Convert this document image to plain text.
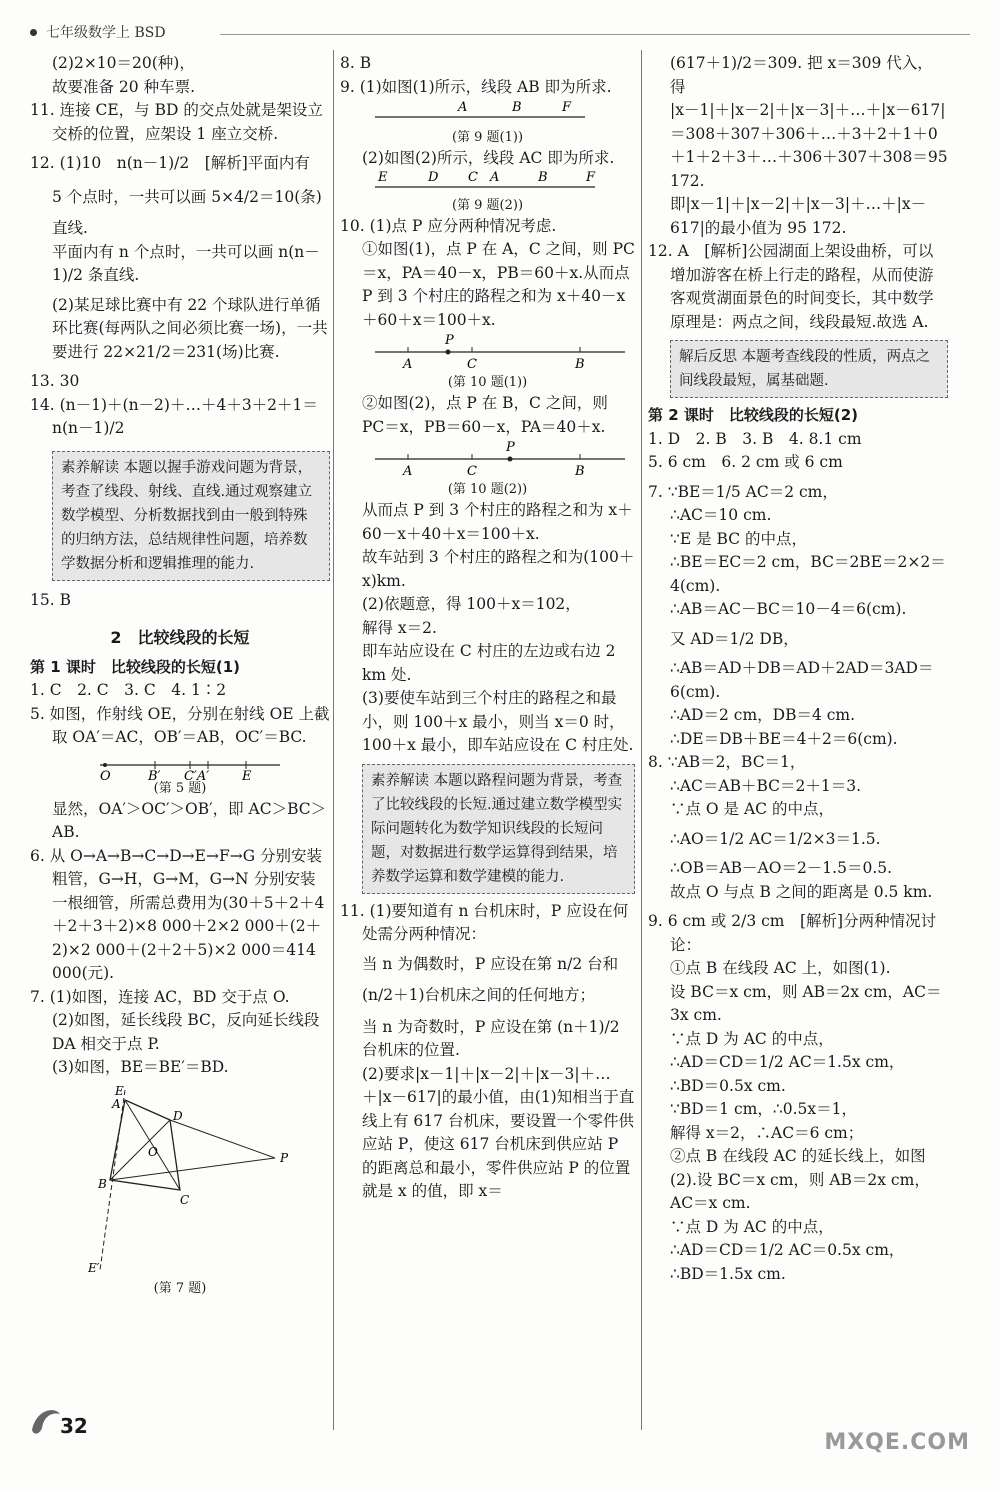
七年级数学上 BSD

(2)2×10＝20(种)，

故要准备 20 种车票.

11. 连接 CE，与 BD 的交点处就是架设立交桥的位置，应架设 1 座立交桥.

12. (1)10　n(n－1)/2　[解析]平面内有

5 个点时，一共可以画 5×4/2＝10(条)

直线.

平面内有 n 个点时，一共可以画 n(n－1)/2 条直线.

(2)某足球比赛中有 22 个球队进行单循环比赛(每两队之间必须比赛一场)，一共要进行 22×21/2＝231(场)比赛.

13. 30

14. (n－1)＋(n－2)＋…＋4＋3＋2＋1＝n(n－1)/2

素养解读 本题以握手游戏问题为背景，考查了线段、射线、直线.通过观察建立数学模型、分析数据找到由一般到特殊的归纳方法，总结规律性问题，培养数学数据分析和逻辑推理的能力.

15. B

2　比较线段的长短
第 1 课时　比较线段的长短(1)

1. C　2. C　3. C　4. 1∶2

5. 如图，作射线 OE，分别在射线 OE 上截取 OA′＝AC，OB′＝AB，OC′＝BC.

O	B′ C′A′	E
(第 5 题)

显然，OA′＞OC′＞OB′，即 AC＞BC＞AB.

6. 从 O→A→B→C→D→E→F→G 分别安装粗管，G→H，G→M，G→N 分别安装一根细管，所需总费用为(30＋5＋2＋4＋2＋3＋2)×8 000＋2×2 000＋(2＋2)×2 000＋(2＋2＋5)×2 000＝414 000(元).

7. (1)如图，连接 AC，BD 交于点 O.

(2)如图，延长线段 BC，反向延长线段 DA 相交于点 P.

(3)如图，BE＝BE′＝BD.

E
A
D
O
B
C
P
E′
(第 7 题)

8. B

9. (1)如图(1)所示，线段 AB 即为所求.

A	B	F
(第 9 题(1))

(2)如图(2)所示，线段 AC 即为所求.

E	D C A	B	F
(第 9 题(2))

10. (1)点 P 应分两种情况考虑.

①如图(1)，点 P 在 A，C 之间，则 PC＝x，PA＝40－x，PB＝60＋x.从而点 P 到 3 个村庄的路程之和为 x＋40－x＋60＋x＝100＋x.

P
A	C	B
(第 10 题(1))

②如图(2)，点 P 在 B，C 之间，则 PC＝x，PB＝60－x，PA＝40＋x.

P
A	C	B
(第 10 题(2))

从而点 P 到 3 个村庄的路程之和为 x＋60－x＋40＋x＝100＋x.

故车站到 3 个村庄的路程之和为(100＋x)km.

(2)依题意，得 100＋x＝102，

解得 x＝2.

即车站应设在 C 村庄的左边或右边 2 km 处.

(3)要使车站到三个村庄的路程之和最小，则 100＋x 最小，则当 x＝0 时，100＋x 最小，即车站应设在 C 村庄处.

素养解读 本题以路程问题为背景，考查了比较线段的长短.通过建立数学模型实际问题转化为数学知识线段的长短问题，对数据进行数学运算得到结果，培养数学运算和数学建模的能力.

11. (1)要知道有 n 台机床时，P 应设在何处需分两种情况：

当 n 为偶数时，P 应设在第 n/2 台和

(n/2＋1)台机床之间的任何地方；

当 n 为奇数时，P 应设在第 (n＋1)/2 台机床的位置.

(2)要求|x－1|＋|x－2|＋|x－3|＋…＋|x－617|的最小值，由(1)知相当于直线上有 617 台机床，要设置一个零件供应站 P，使这 617 台机床到供应站 P 的距离总和最小，零件供应站 P 的位置就是 x 的值，即 x＝

(617＋1)/2＝309. 把 x＝309 代入，得

|x－1|＋|x－2|＋|x－3|＋…＋|x－617|＝308＋307＋306＋…＋3＋2＋1＋0＋1＋2＋3＋…＋306＋307＋308＝95 172.

即|x－1|＋|x－2|＋|x－3|＋…＋|x－617|的最小值为 95 172.

12. A　[解析]公园湖面上架设曲桥，可以增加游客在桥上行走的路程，从而使游客观赏湖面景色的时间变长，其中数学原理是：两点之间，线段最短.故选 A.

解后反思 本题考查线段的性质，两点之间线段最短，属基础题.
第 2 课时　比较线段的长短(2)

1. D　2. B　3. B　4. 8.1 cm

5. 6 cm　6. 2 cm 或 6 cm

7. ∵BE＝1/5 AC＝2 cm，

∴AC＝10 cm.

∵E 是 BC 的中点，

∴BE＝EC＝2 cm，BC＝2BE＝2×2＝4(cm).

∴AB＝AC－BC＝10－4＝6(cm).

又 AD＝1/2 DB，

∴AB＝AD＋DB＝AD＋2AD＝3AD＝6(cm).

∴AD＝2 cm，DB＝4 cm.

∴DE＝DB＋BE＝4＋2＝6(cm).

8. ∵AB＝2，BC＝1，

∴AC＝AB＋BC＝2＋1＝3.

∵点 O 是 AC 的中点，

∴AO＝1/2 AC＝1/2×3＝1.5.

∴OB＝AB－AO＝2－1.5＝0.5.

故点 O 与点 B 之间的距离是 0.5 km.

9. 6 cm 或 2/3 cm　[解析]分两种情况讨论：

①点 B 在线段 AC 上，如图(1).

设 BC＝x cm，则 AB＝2x cm，AC＝3x cm.

∵点 D 为 AC 的中点，

∴AD＝CD＝1/2 AC＝1.5x cm，

∴BD＝0.5x cm.

∵BD＝1 cm，∴0.5x＝1，

解得 x＝2，∴AC＝6 cm；

②点 B 在线段 AC 的延长线上，如图(2).设 BC＝x cm，则 AB＝2x cm，AC＝x cm.

∵点 D 为 AC 的中点，

∴AD＝CD＝1/2 AC＝0.5x cm，

∴BD＝1.5x cm.

32
MXQE.COM
